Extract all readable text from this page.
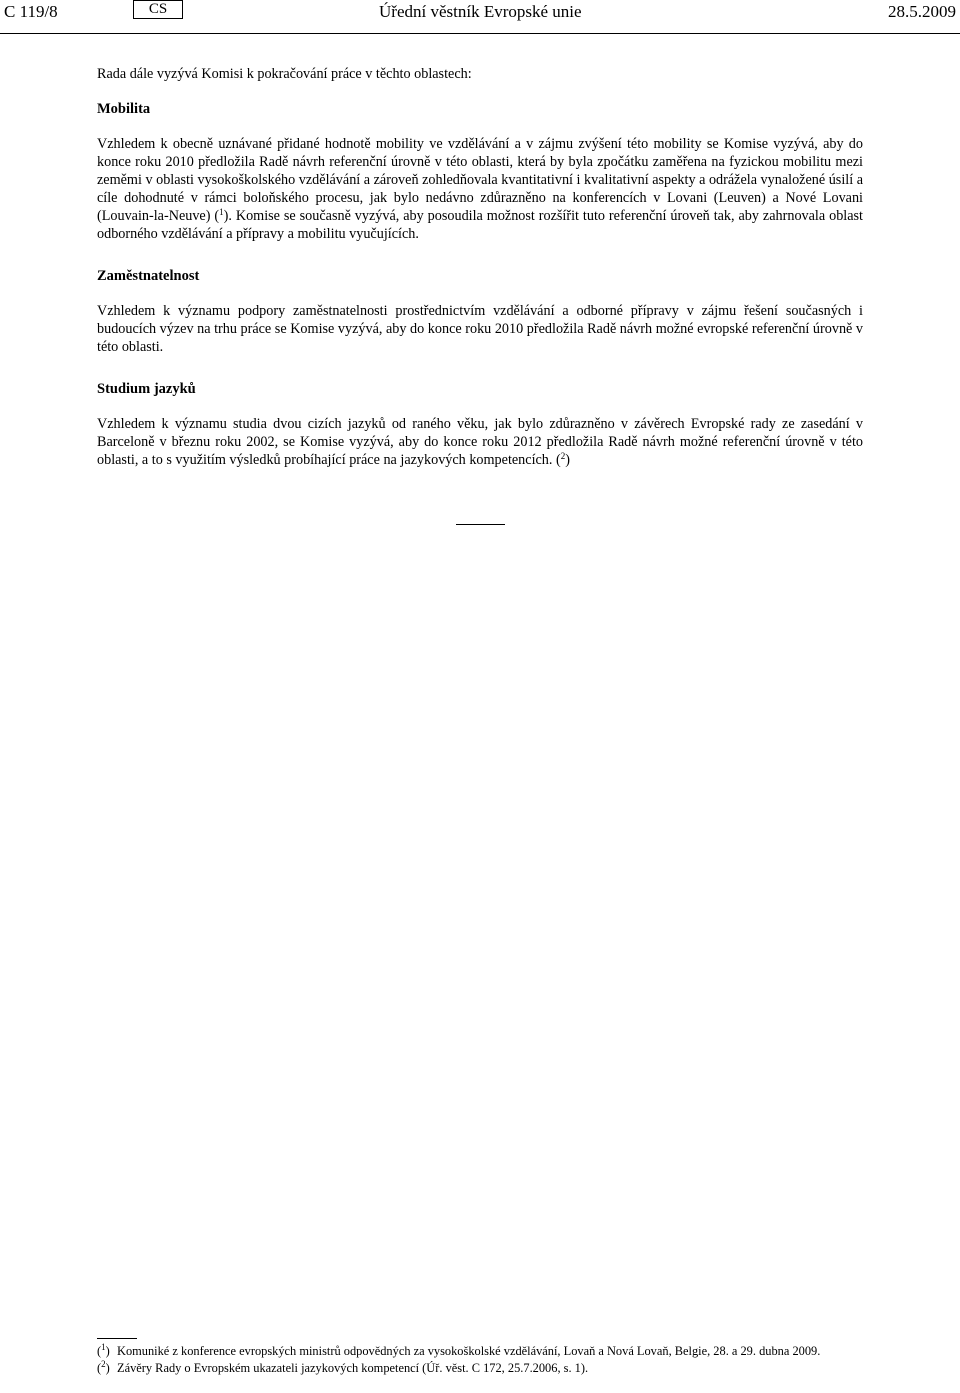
C 119/8	CS	Úřední věstník Evropské unie	28.5.2009

Rada dále vyzývá Komisi k pokračování práce v těchto oblastech:

Mobilita

Vzhledem k obecně uznávané přidané hodnotě mobility ve vzdělávání a v zájmu zvýšení této mobility se Komise vyzývá, aby do konce roku 2010 předložila Radě návrh referenční úrovně v této oblasti, která by byla zpočátku zaměřena na fyzickou mobilitu mezi zeměmi v oblasti vysokoškolského vzdělávání a zároveň zohledňovala kvantitativní i kvalitativní aspekty a odrážela vynaložené úsilí a cíle dohodnuté v rámci boloňského procesu, jak bylo nedávno zdůrazněno na konferencích v Lovani (Leuven) a Nové Lovani (Louvain-la-Neuve) ($^1$). Komise se současně vyzývá, aby posoudila možnost rozšířit tuto referenční úroveň tak, aby zahrnovala oblast odborného vzdělávání a přípravy a mobilitu vyučujících.

Zaměstnatelnost

Vzhledem k významu podpory zaměstnatelnosti prostřednictvím vzdělávání a odborné přípravy v zájmu řešení současných i budoucích výzev na trhu práce se Komise vyzývá, aby do konce roku 2010 předložila Radě návrh možné evropské referenční úrovně v této oblasti.

Studium jazyků

Vzhledem k významu studia dvou cizích jazyků od raného věku, jak bylo zdůrazněno v závěrech Evropské rady ze zasedání v Barceloně v březnu roku 2002, se Komise vyzývá, aby do konce roku 2012 předložila Radě návrh možné referenční úrovně v této oblasti, a to s využitím výsledků probíhající práce na jazykových kompetencích. ($^2$)

($^1$) Komuniké z konference evropských ministrů odpovědných za vysokoškolské vzdělávání, Lovaň a Nová Lovaň, Belgie, 28. a 29. dubna 2009.

($^2$) Závěry Rady o Evropském ukazateli jazykových kompetencí (Úř. věst. C 172, 25.7.2006, s. 1).
